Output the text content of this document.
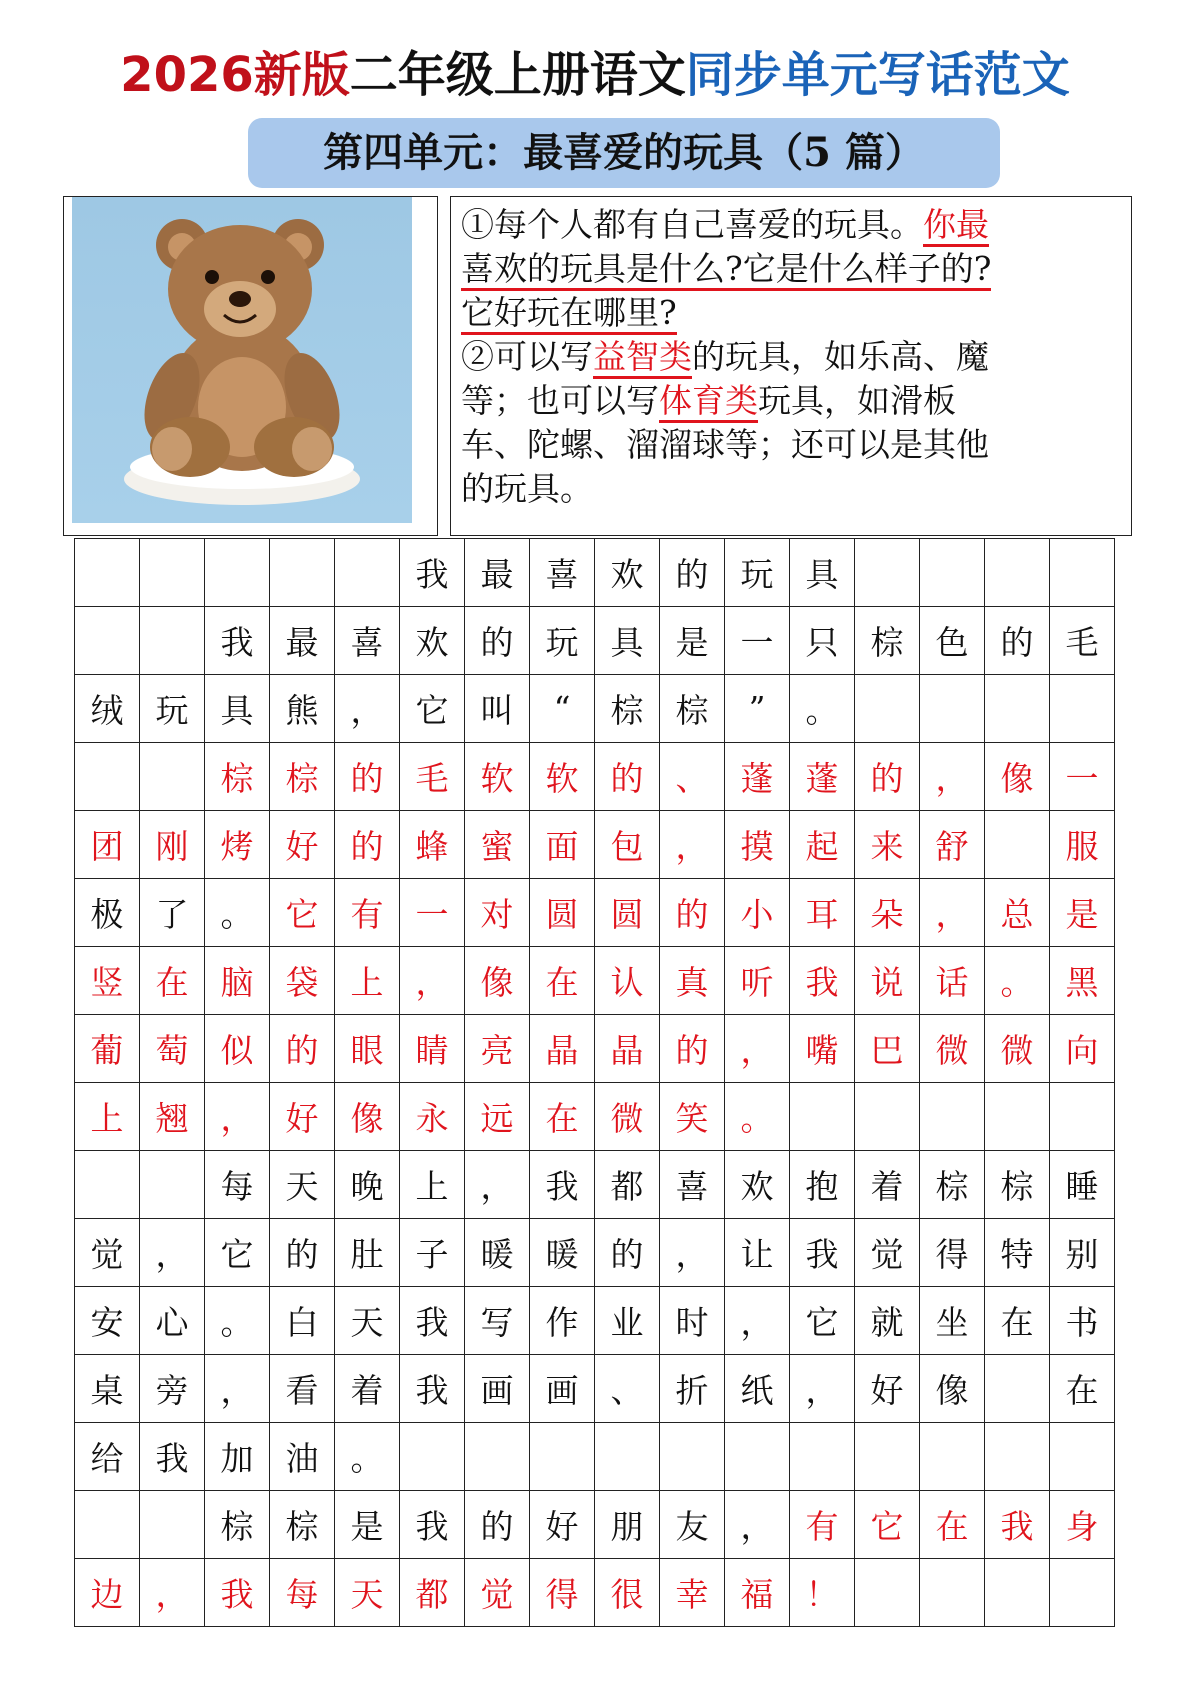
2026新版二年级上册语文同步单元写话范文
第四单元：最喜爱的玩具（5 篇）
①每个人都有自己喜爱的玩具。你最
喜欢的玩具是什么?它是什么样子的?
它好玩在哪里?
②可以写益智类的玩具，如乐高、魔
等；也可以写体育类玩具，如滑板
车、陀螺、溜溜球等；还可以是其他
的玩具。
					我	最	喜	欢	的	玩	具				
		我	最	喜	欢	的	玩	具	是	一	只	棕	色	的	毛
绒	玩	具	熊	，	它	叫	“	棕	棕	”	。				
		棕	棕	的	毛	软	软	的	、	蓬	蓬	的	，	像	一
团	刚	烤	好	的	蜂	蜜	面	包	，	摸	起	来	舒		服
极	了	。	它	有	一	对	圆	圆	的	小	耳	朵	，	总	是
竖	在	脑	袋	上	，	像	在	认	真	听	我	说	话	。	黑
葡	萄	似	的	眼	睛	亮	晶	晶	的	，	嘴	巴	微	微	向
上	翘	，	好	像	永	远	在	微	笑	。					
		每	天	晚	上	，	我	都	喜	欢	抱	着	棕	棕	睡
觉	，	它	的	肚	子	暖	暖	的	，	让	我	觉	得	特	别
安	心	。	白	天	我	写	作	业	时	，	它	就	坐	在	书
桌	旁	，	看	着	我	画	画	、	折	纸	，	好	像		在
给	我	加	油	。											
		棕	棕	是	我	的	好	朋	友	，	有	它	在	我	身
边	，	我	每	天	都	觉	得	很	幸	福	！				
